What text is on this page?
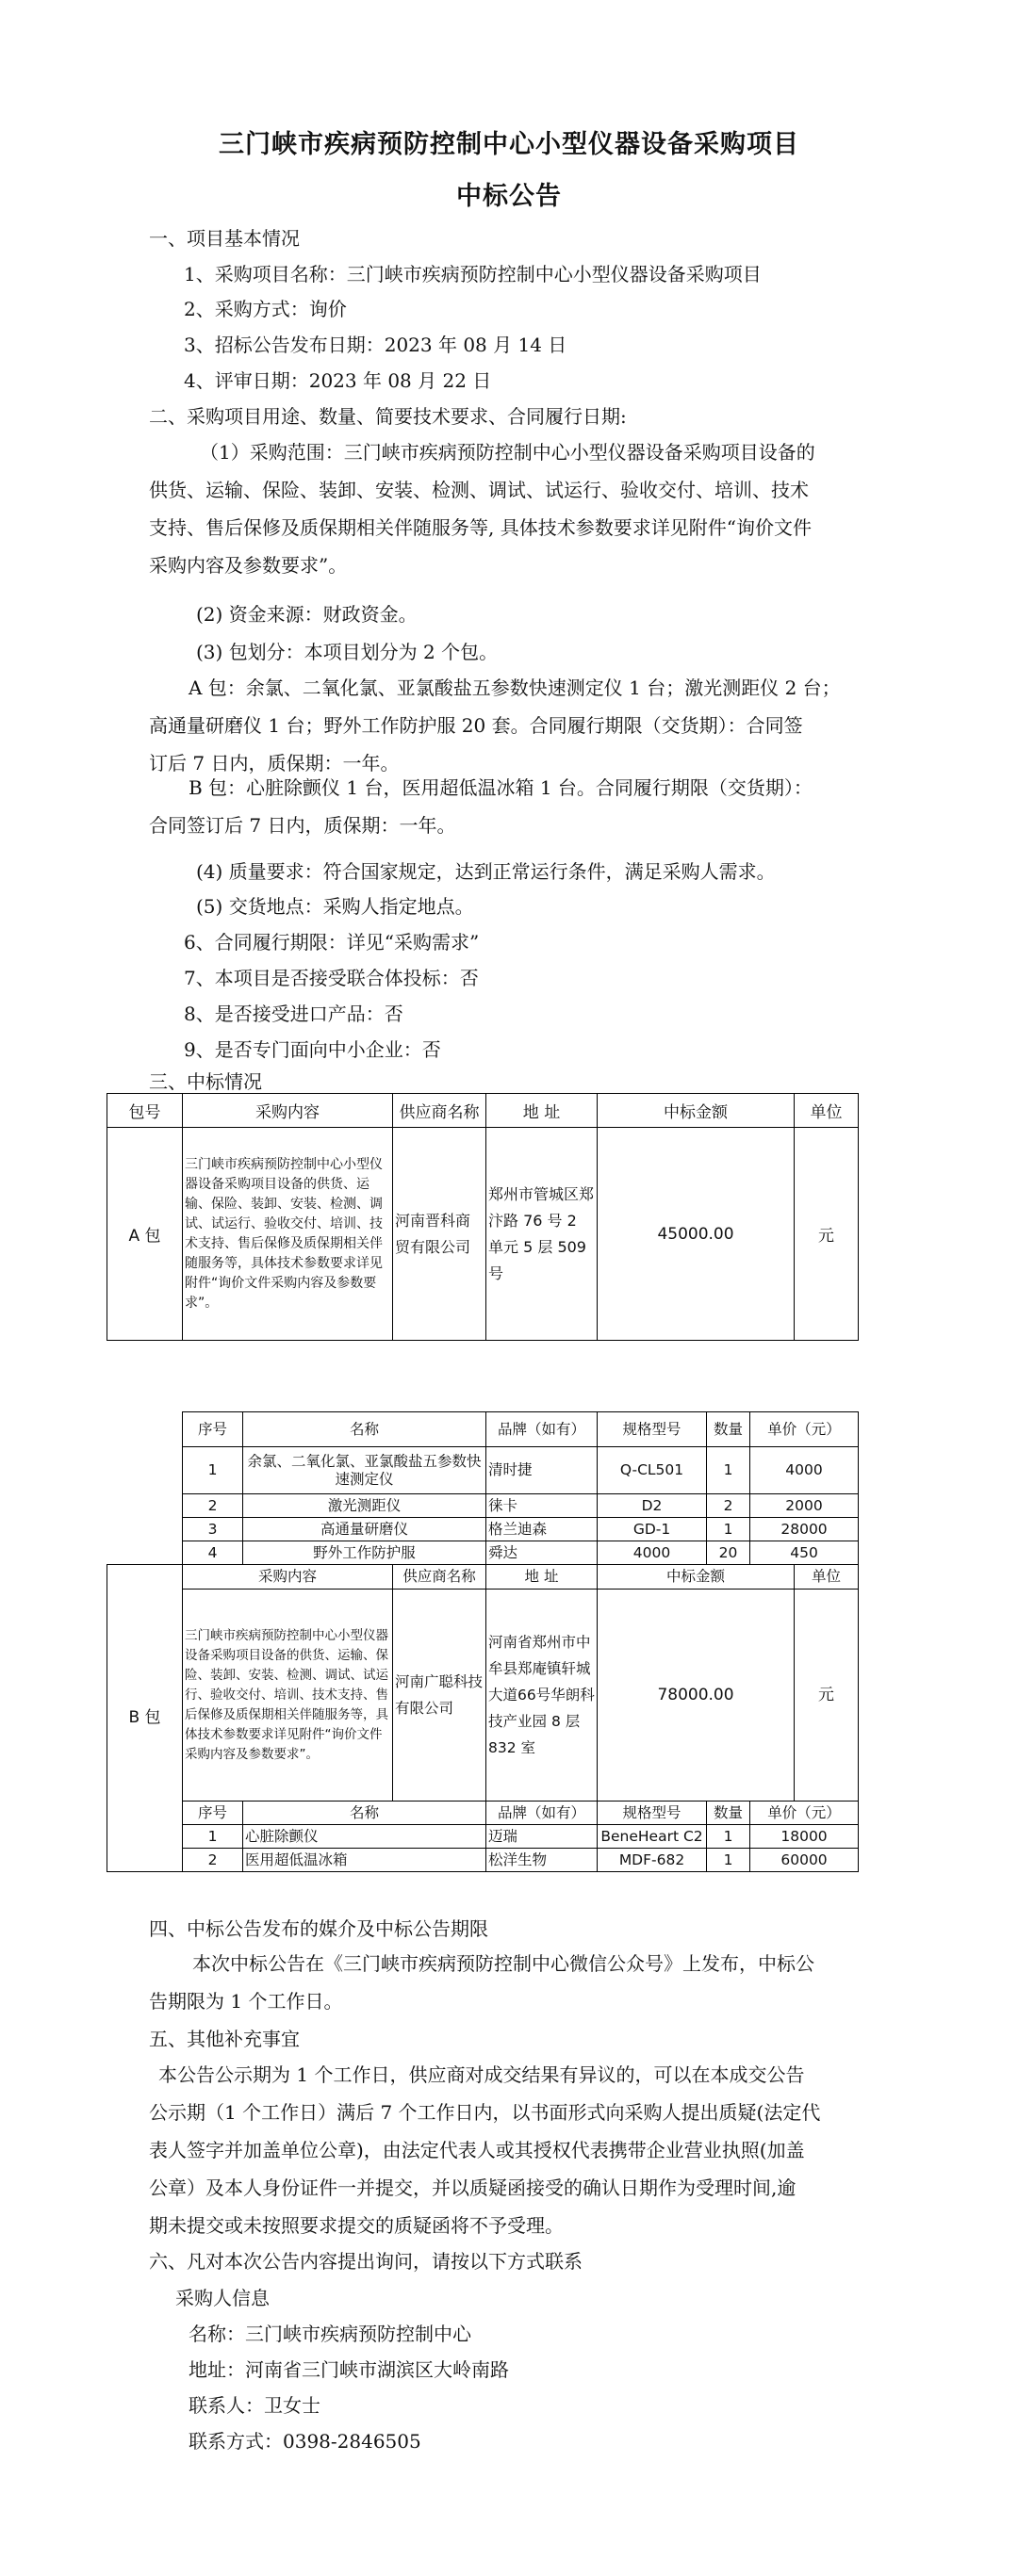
三门峡市疾病预防控制中心小型仪器设备采购项目
中标公告
一、项目基本情况
1、采购项目名称：三门峡市疾病预防控制中心小型仪器设备采购项目
2、采购方式：询价
3、招标公告发布日期：2023 年 08 月 14 日
4、评审日期：2023 年 08 月 22 日
二、采购项目用途、数量、简要技术要求、合同履行日期:
（1）采购范围：三门峡市疾病预防控制中心小型仪器设备采购项目设备的
供货、运输、保险、装卸、安装、检测、调试、试运行、验收交付、培训、技术
支持、售后保修及质保期相关伴随服务等, 具体技术参数要求详见附件“询价文件
采购内容及参数要求”。
(2) 资金来源：财政资金。
(3) 包划分：本项目划分为 2 个包。
A 包：余氯、二氧化氯、亚氯酸盐五参数快速测定仪 1 台；激光测距仪 2 台；
高通量研磨仪 1 台；野外工作防护服 20 套。合同履行期限（交货期）：合同签
订后 7 日内，质保期：一年。
B 包：心脏除颤仪 1 台，医用超低温冰箱 1 台。合同履行期限（交货期）：
合同签订后 7 日内，质保期：一年。
(4) 质量要求：符合国家规定，达到正常运行条件，满足采购人需求。
(5) 交货地点：采购人指定地点。
6、合同履行期限：详见“采购需求”
7、本项目是否接受联合体投标：否
8、是否接受进口产品：否
9、是否专门面向中小企业：否
三、中标情况
包号	采购内容	供应商名称	地 址	中标金额	单位
A 包	三门峡市疾病预防控制中心小型仪器设备采购项目设备的供货、运输、保险、装卸、安装、检测、调试、试运行、验收交付、培训、技术支持、售后保修及质保期相关伴随服务等，具体技术参数要求详见附件“询价文件采购内容及参数要求”。	河南晋科商贸有限公司	郑州市管城区郑汴路 76 号 2 单元 5 层 509 号	45000.00	元
	序号	名称		品牌（如有）	规格型号	数量	单价（元）	
	1	余氯、二氧化氯、亚氯酸盐五参数快速测定仪		清时捷	Q-CL501	1	4000	
	2	激光测距仪		徕卡	D2	2	2000	
	3	高通量研磨仪		格兰迪森	GD-1	1	28000	
	4	野外工作防护服		舜达	4000	20	450	
B 包	采购内容		供应商名称	地 址	中标金额			单位
	三门峡市疾病预防控制中心小型仪器设备采购项目设备的供货、运输、保险、装卸、安装、检测、调试、试运行、验收交付、培训、技术支持、售后保修及质保期相关伴随服务等，具体技术参数要求详见附件“询价文件采购内容及参数要求”。		河南广聪科技有限公司	河南省郑州市中牟县郑庵镇轩城大道66号华朗科技产业园 8 层 832 室	78000.00			元
	序号	名称		品牌（如有）	规格型号	数量	单价（元）	
	1	心脏除颤仪		迈瑞	BeneHeart C2	1	18000	
	2	医用超低温冰箱		松洋生物	MDF-682	1	60000	
四、中标公告发布的媒介及中标公告期限
本次中标公告在《三门峡市疾病预防控制中心微信公众号》上发布，中标公
告期限为 1 个工作日。
五、其他补充事宜
本公告公示期为 1 个工作日，供应商对成交结果有异议的，可以在本成交公告
公示期（1 个工作日）满后 7 个工作日内，以书面形式向采购人提出质疑(法定代
表人签字并加盖单位公章)，由法定代表人或其授权代表携带企业营业执照(加盖
公章）及本人身份证件一并提交，并以质疑函接受的确认日期作为受理时间,逾
期未提交或未按照要求提交的质疑函将不予受理。
六、凡对本次公告内容提出询问，请按以下方式联系
采购人信息
名称：三门峡市疾病预防控制中心
地址：河南省三门峡市湖滨区大岭南路
联系人：卫女士
联系方式：0398-2846505
